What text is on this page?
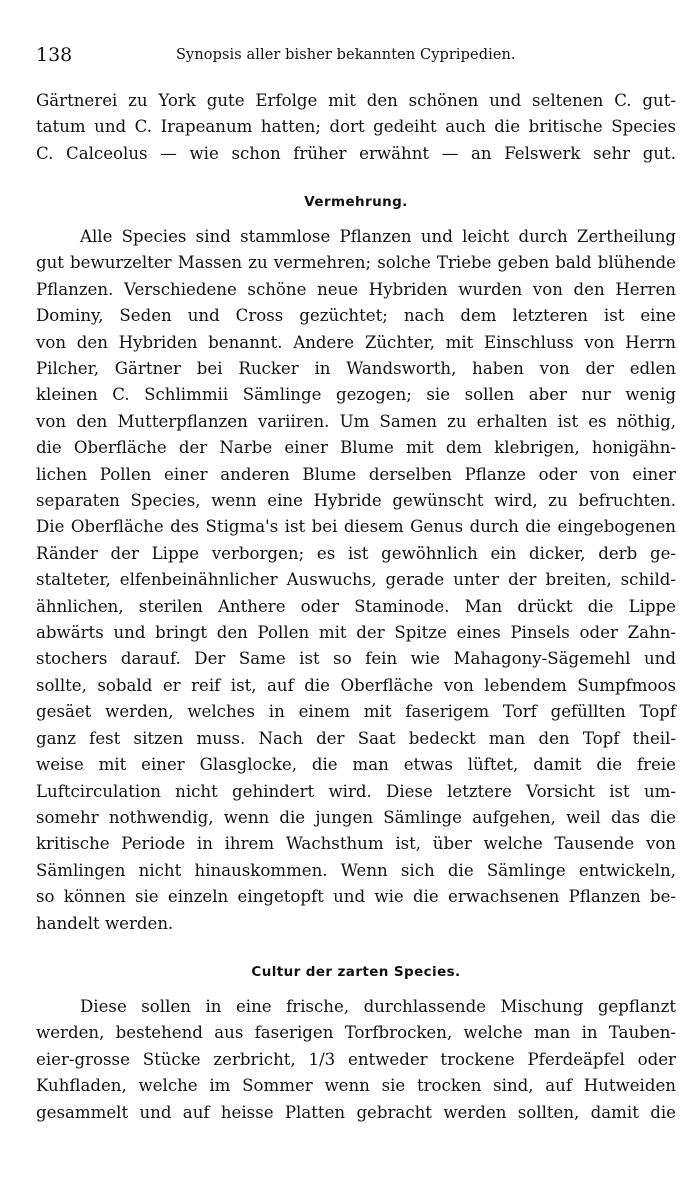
138	Synopsis aller bisher bekannten Cypripedien.
Gärtnerei zu York gute Erfolge mit den schönen und seltenen C. gut-
tatum und C. Irapeanum hatten; dort gedeiht auch die britische Species
C. Calceolus — wie schon früher erwähnt — an Felswerk sehr gut.
Vermehrung.
Alle Species sind stammlose Pflanzen und leicht durch Zertheilung
gut bewurzelter Massen zu vermehren; solche Triebe geben bald blühende
Pflanzen. Verschiedene schöne neue Hybriden wurden von den Herren
Dominy, Seden und Cross gezüchtet; nach dem letzteren ist eine
von den Hybriden benannt. Andere Züchter, mit Einschluss von Herrn
Pilcher, Gärtner bei Rucker in Wandsworth, haben von der edlen
kleinen C. Schlimmii Sämlinge gezogen; sie sollen aber nur wenig
von den Mutterpflanzen variiren. Um Samen zu erhalten ist es nöthig,
die Oberfläche der Narbe einer Blume mit dem klebrigen, honigähn-
lichen Pollen einer anderen Blume derselben Pflanze oder von einer
separaten Species, wenn eine Hybride gewünscht wird, zu befruchten.
Die Oberfläche des Stigma's ist bei diesem Genus durch die eingebogenen
Ränder der Lippe verborgen; es ist gewöhnlich ein dicker, derb ge-
stalteter, elfenbeinähnlicher Auswuchs, gerade unter der breiten, schild-
ähnlichen, sterilen Anthere oder Staminode. Man drückt die Lippe
abwärts und bringt den Pollen mit der Spitze eines Pinsels oder Zahn-
stochers darauf. Der Same ist so fein wie Mahagony-Sägemehl und
sollte, sobald er reif ist, auf die Oberfläche von lebendem Sumpfmoos
gesäet werden, welches in einem mit faserigem Torf gefüllten Topf
ganz fest sitzen muss. Nach der Saat bedeckt man den Topf theil-
weise mit einer Glasglocke, die man etwas lüftet, damit die freie
Luftcirculation nicht gehindert wird. Diese letztere Vorsicht ist um-
somehr nothwendig, wenn die jungen Sämlinge aufgehen, weil das die
kritische Periode in ihrem Wachsthum ist, über welche Tausende von
Sämlingen nicht hinauskommen. Wenn sich die Sämlinge entwickeln,
so können sie einzeln eingetopft und wie die erwachsenen Pflanzen be-
handelt werden.
Cultur der zarten Species.
Diese sollen in eine frische, durchlassende Mischung gepflanzt
werden, bestehend aus faserigen Torfbrocken, welche man in Tauben-
eier-grosse Stücke zerbricht, 1/3 entweder trockene Pferdeäpfel oder
Kuhfladen, welche im Sommer wenn sie trocken sind, auf Hutweiden
gesammelt und auf heisse Platten gebracht werden sollten, damit die
